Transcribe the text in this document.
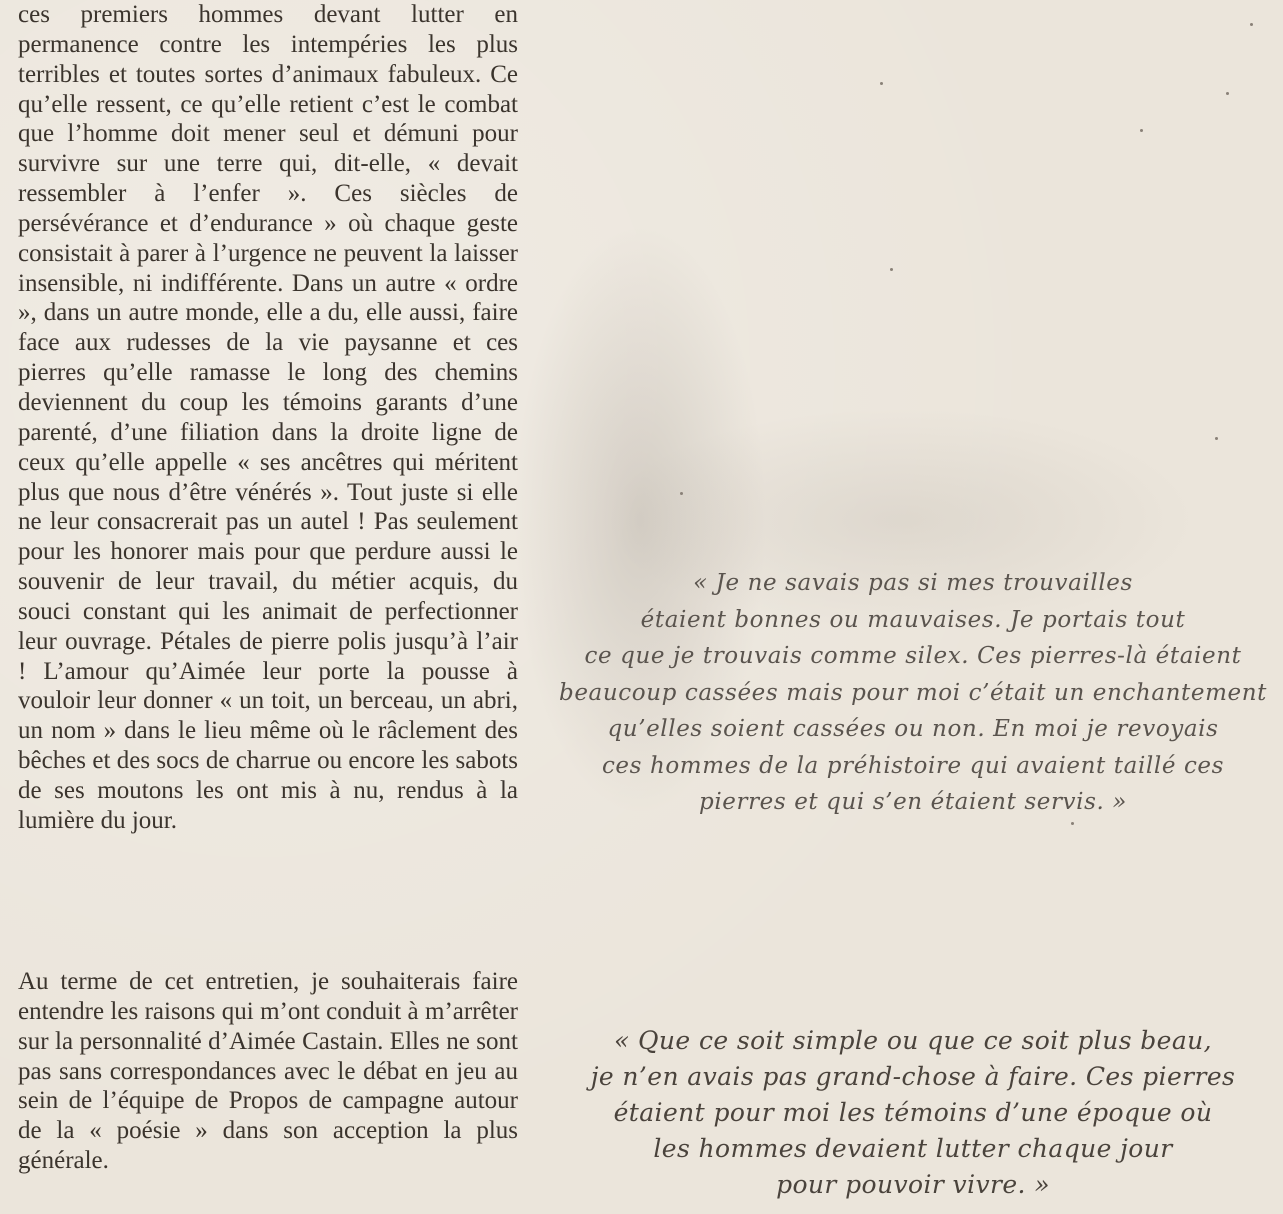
ces premiers hommes devant lutter en permanence contre les intempéries les plus terribles et toutes sortes d’animaux fabuleux. Ce qu’elle ressent, ce qu’elle retient c’est le combat que l’homme doit mener seul et démuni pour survivre sur une terre qui, dit-elle, « devait ressembler à l’enfer ». Ces siècles de persévérance et d’endurance » où chaque geste consistait à parer à l’urgence ne peuvent la laisser insensible, ni indifférente. Dans un autre « ordre », dans un autre monde, elle a du, elle aussi, faire face aux rudesses de la vie paysanne et ces pierres qu’elle ramasse le long des chemins deviennent du coup les témoins garants d’une parenté, d’une filiation dans la droite ligne de ceux qu’elle appelle « ses ancêtres qui méritent plus que nous d’être vénérés ». Tout juste si elle ne leur consacrerait pas un autel ! Pas seulement pour les honorer mais pour que perdure aussi le souvenir de leur travail, du métier acquis, du souci constant qui les animait de perfectionner leur ouvrage. Pétales de pierre polis jusqu’à l’air ! L’amour qu’Aimée leur porte la pousse à vouloir leur donner « un toit, un berceau, un abri, un nom » dans le lieu même où le râclement des bêches et des socs de charrue ou encore les sabots de ses moutons les ont mis à nu, rendus à la lumière du jour.

Au terme de cet entretien, je souhaiterais faire entendre les raisons qui m’ont conduit à m’arrêter sur la personnalité d’Aimée Castain. Elles ne sont pas sans correspondances avec le débat en jeu au sein de l’équipe de Propos de campagne autour de la « poésie » dans son acception la plus générale.

« Je ne savais pas si mes trouvailles
étaient bonnes ou mauvaises. Je portais tout
ce que je trouvais comme silex. Ces pierres-là étaient
beaucoup cassées mais pour moi c’était un enchantement
qu’elles soient cassées ou non. En moi je revoyais
ces hommes de la préhistoire qui avaient taillé ces
pierres et qui s’en étaient servis. »
« Que ce soit simple ou que ce soit plus beau,
je n’en avais pas grand-chose à faire. Ces pierres
étaient pour moi les témoins d’une époque où
les hommes devaient lutter chaque jour
pour pouvoir vivre. »
